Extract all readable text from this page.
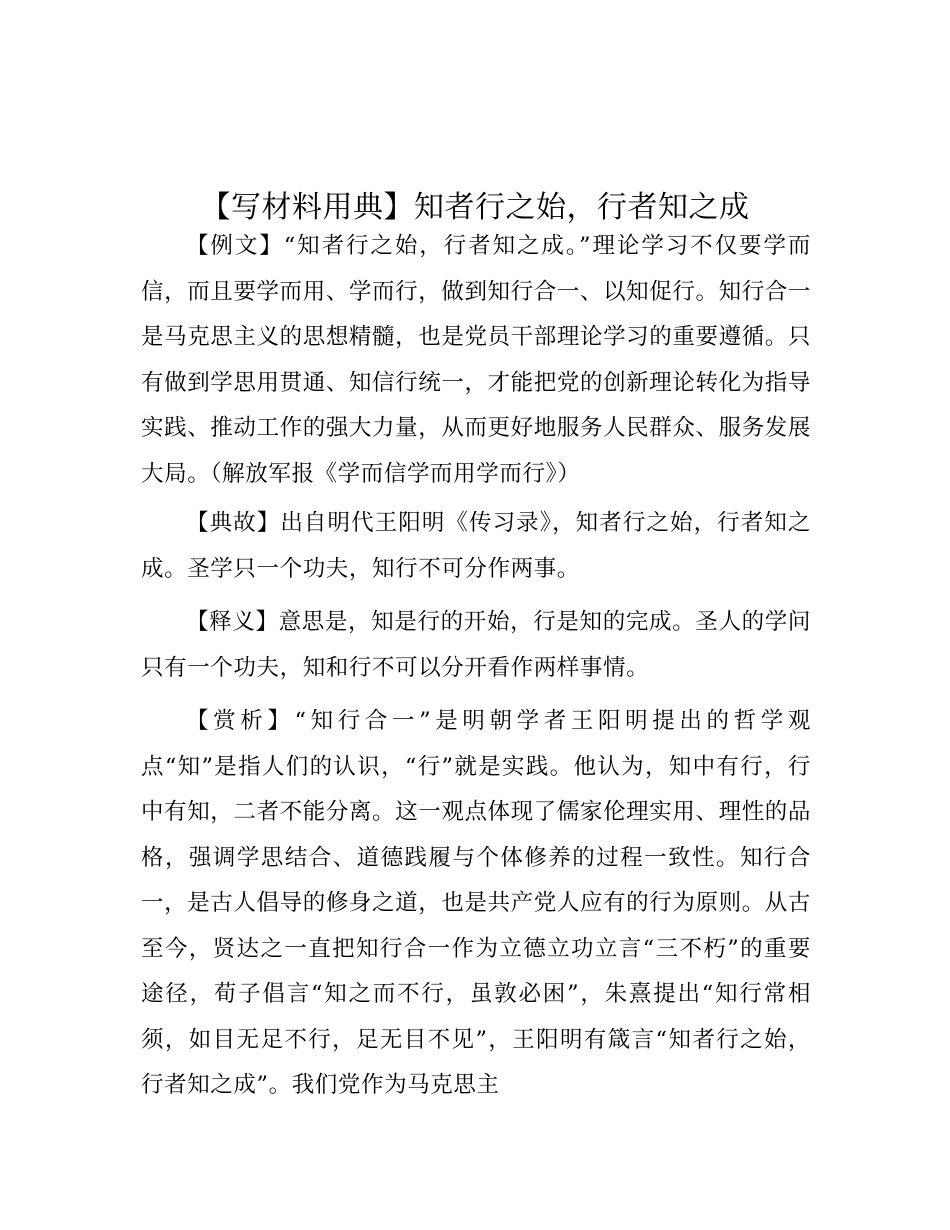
【写材料用典】知者行之始，行者知之成

【例文】“知者行之始，行者知之成。”理论学习不仅要学而信，而且要学而用、学而行，做到知行合一、以知促行。知行合一是马克思主义的思想精髓，也是党员干部理论学习的重要遵循。只有做到学思用贯通、知信行统一，才能把党的创新理论转化为指导实践、推动工作的强大力量，从而更好地服务人民群众、服务发展大局。（解放军报《学而信学而用学而行》）

【典故】出自明代王阳明《传习录》，知者行之始，行者知之成。圣学只一个功夫，知行不可分作两事。

【释义】意思是，知是行的开始，行是知的完成。圣人的学问只有一个功夫，知和行不可以分开看作两样事情。

【赏析】“知行合一”是明朝学者王阳明提出的哲学观点“知”是指人们的认识，“行”就是实践。他认为，知中有行，行中有知，二者不能分离。这一观点体现了儒家伦理实用、理性的品格，强调学思结合、道德践履与个体修养的过程一致性。知行合一，是古人倡导的修身之道，也是共产党人应有的行为原则。从古至今，贤达之一直把知行合一作为立德立功立言“三不朽”的重要途径，荀子倡言“知之而不行，虽敦必困”，朱熹提出“知行常相须，如目无足不行，足无目不见”，王阳明有箴言“知者行之始，行者知之成”。我们党作为马克思主
